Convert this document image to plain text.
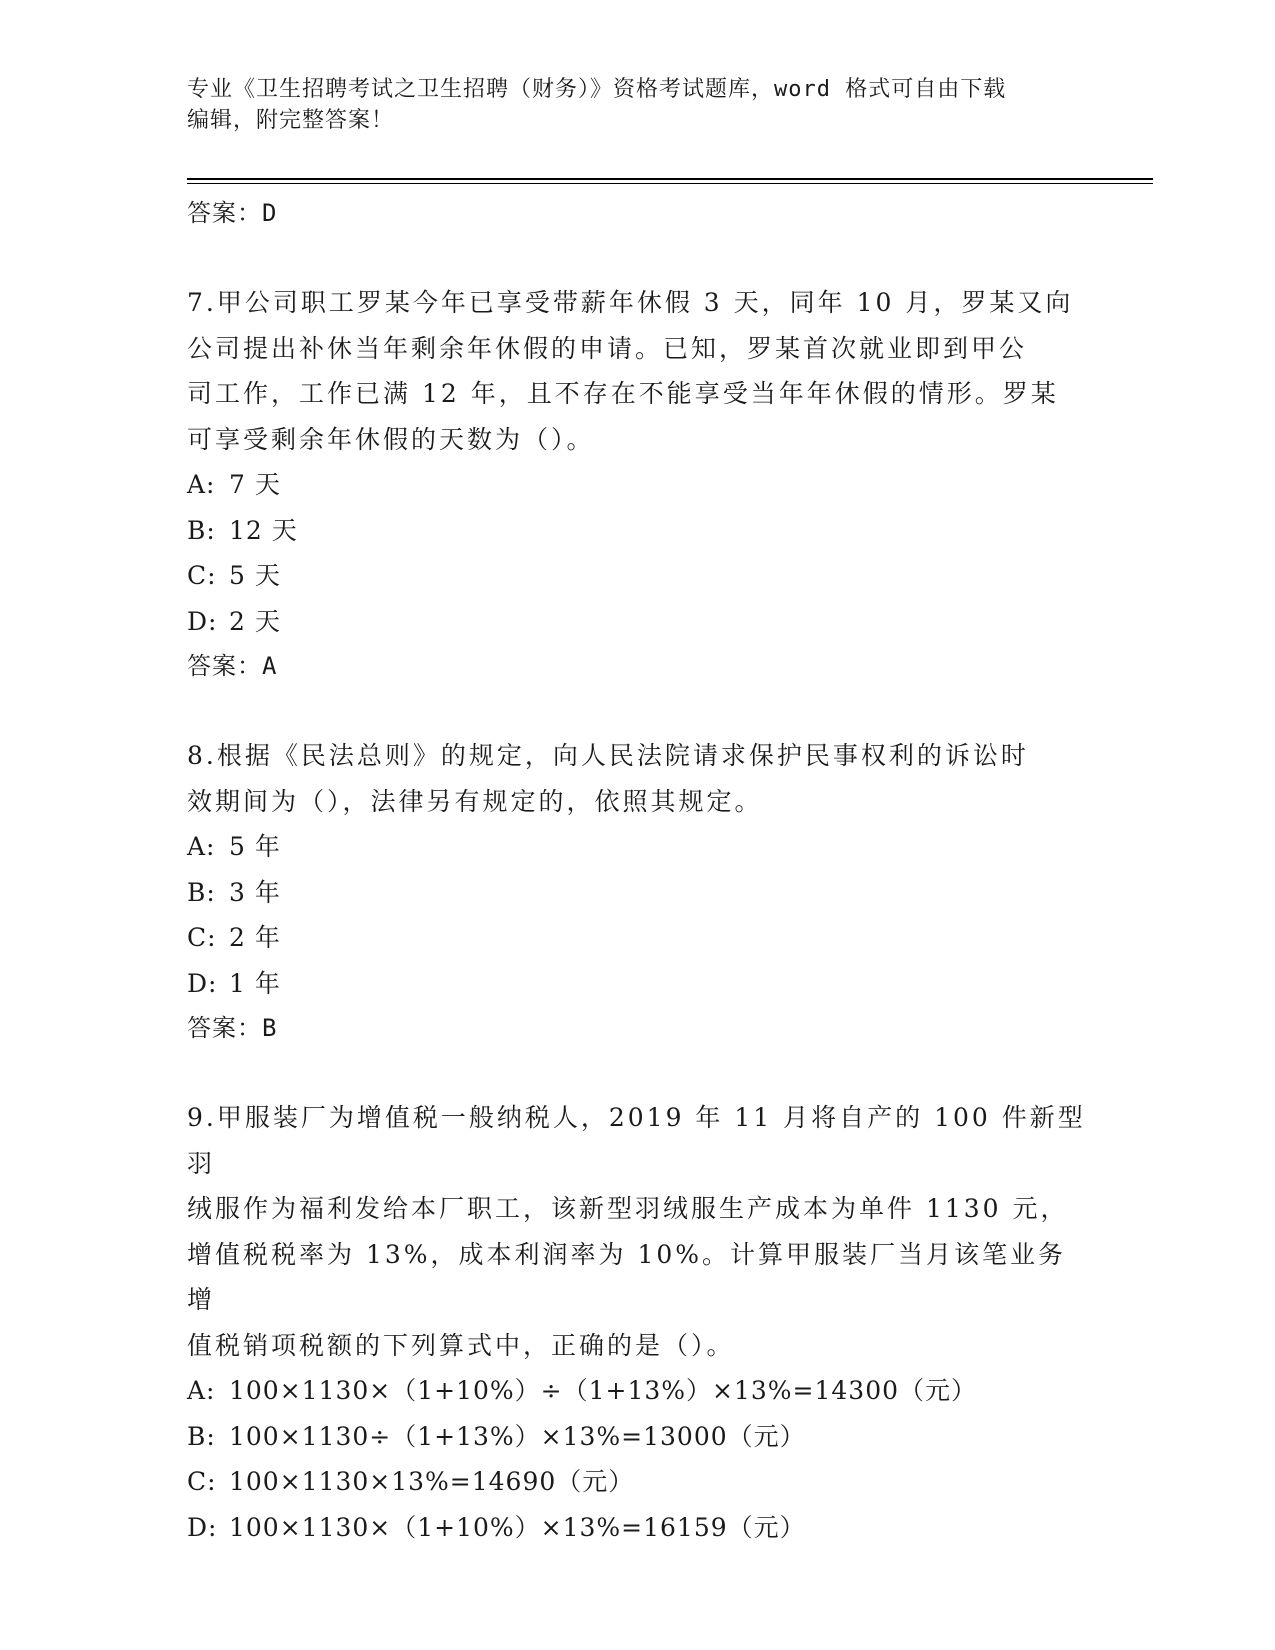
专业《卫生招聘考试之卫生招聘（财务）》资格考试题库，word 格式可自由下载
编辑，附完整答案！
答案：D
7.甲公司职工罗某今年已享受带薪年休假 3 天，同年 10 月，罗某又向
公司提出补休当年剩余年休假的申请。已知，罗某首次就业即到甲公
司工作，工作已满 12 年，且不存在不能享受当年年休假的情形。罗某
可享受剩余年休假的天数为（）。
A: 7 天
B: 12 天
C: 5 天
D: 2 天
答案：A
8.根据《民法总则》的规定，向人民法院请求保护民事权利的诉讼时
效期间为（），法律另有规定的，依照其规定。
A: 5 年
B: 3 年
C: 2 年
D: 1 年
答案：B
9.甲服装厂为增值税一般纳税人，2019 年 11 月将自产的 100 件新型羽
绒服作为福利发给本厂职工，该新型羽绒服生产成本为单件 1130 元，
增值税税率为 13%，成本利润率为 10%。计算甲服装厂当月该笔业务增
值税销项税额的下列算式中，正确的是（）。
A: 100×1130×（1+10%）÷（1+13%）×13%=14300（元）
B: 100×1130÷（1+13%）×13%=13000（元）
C: 100×1130×13%=14690（元）
D: 100×1130×（1+10%）×13%=16159（元）
